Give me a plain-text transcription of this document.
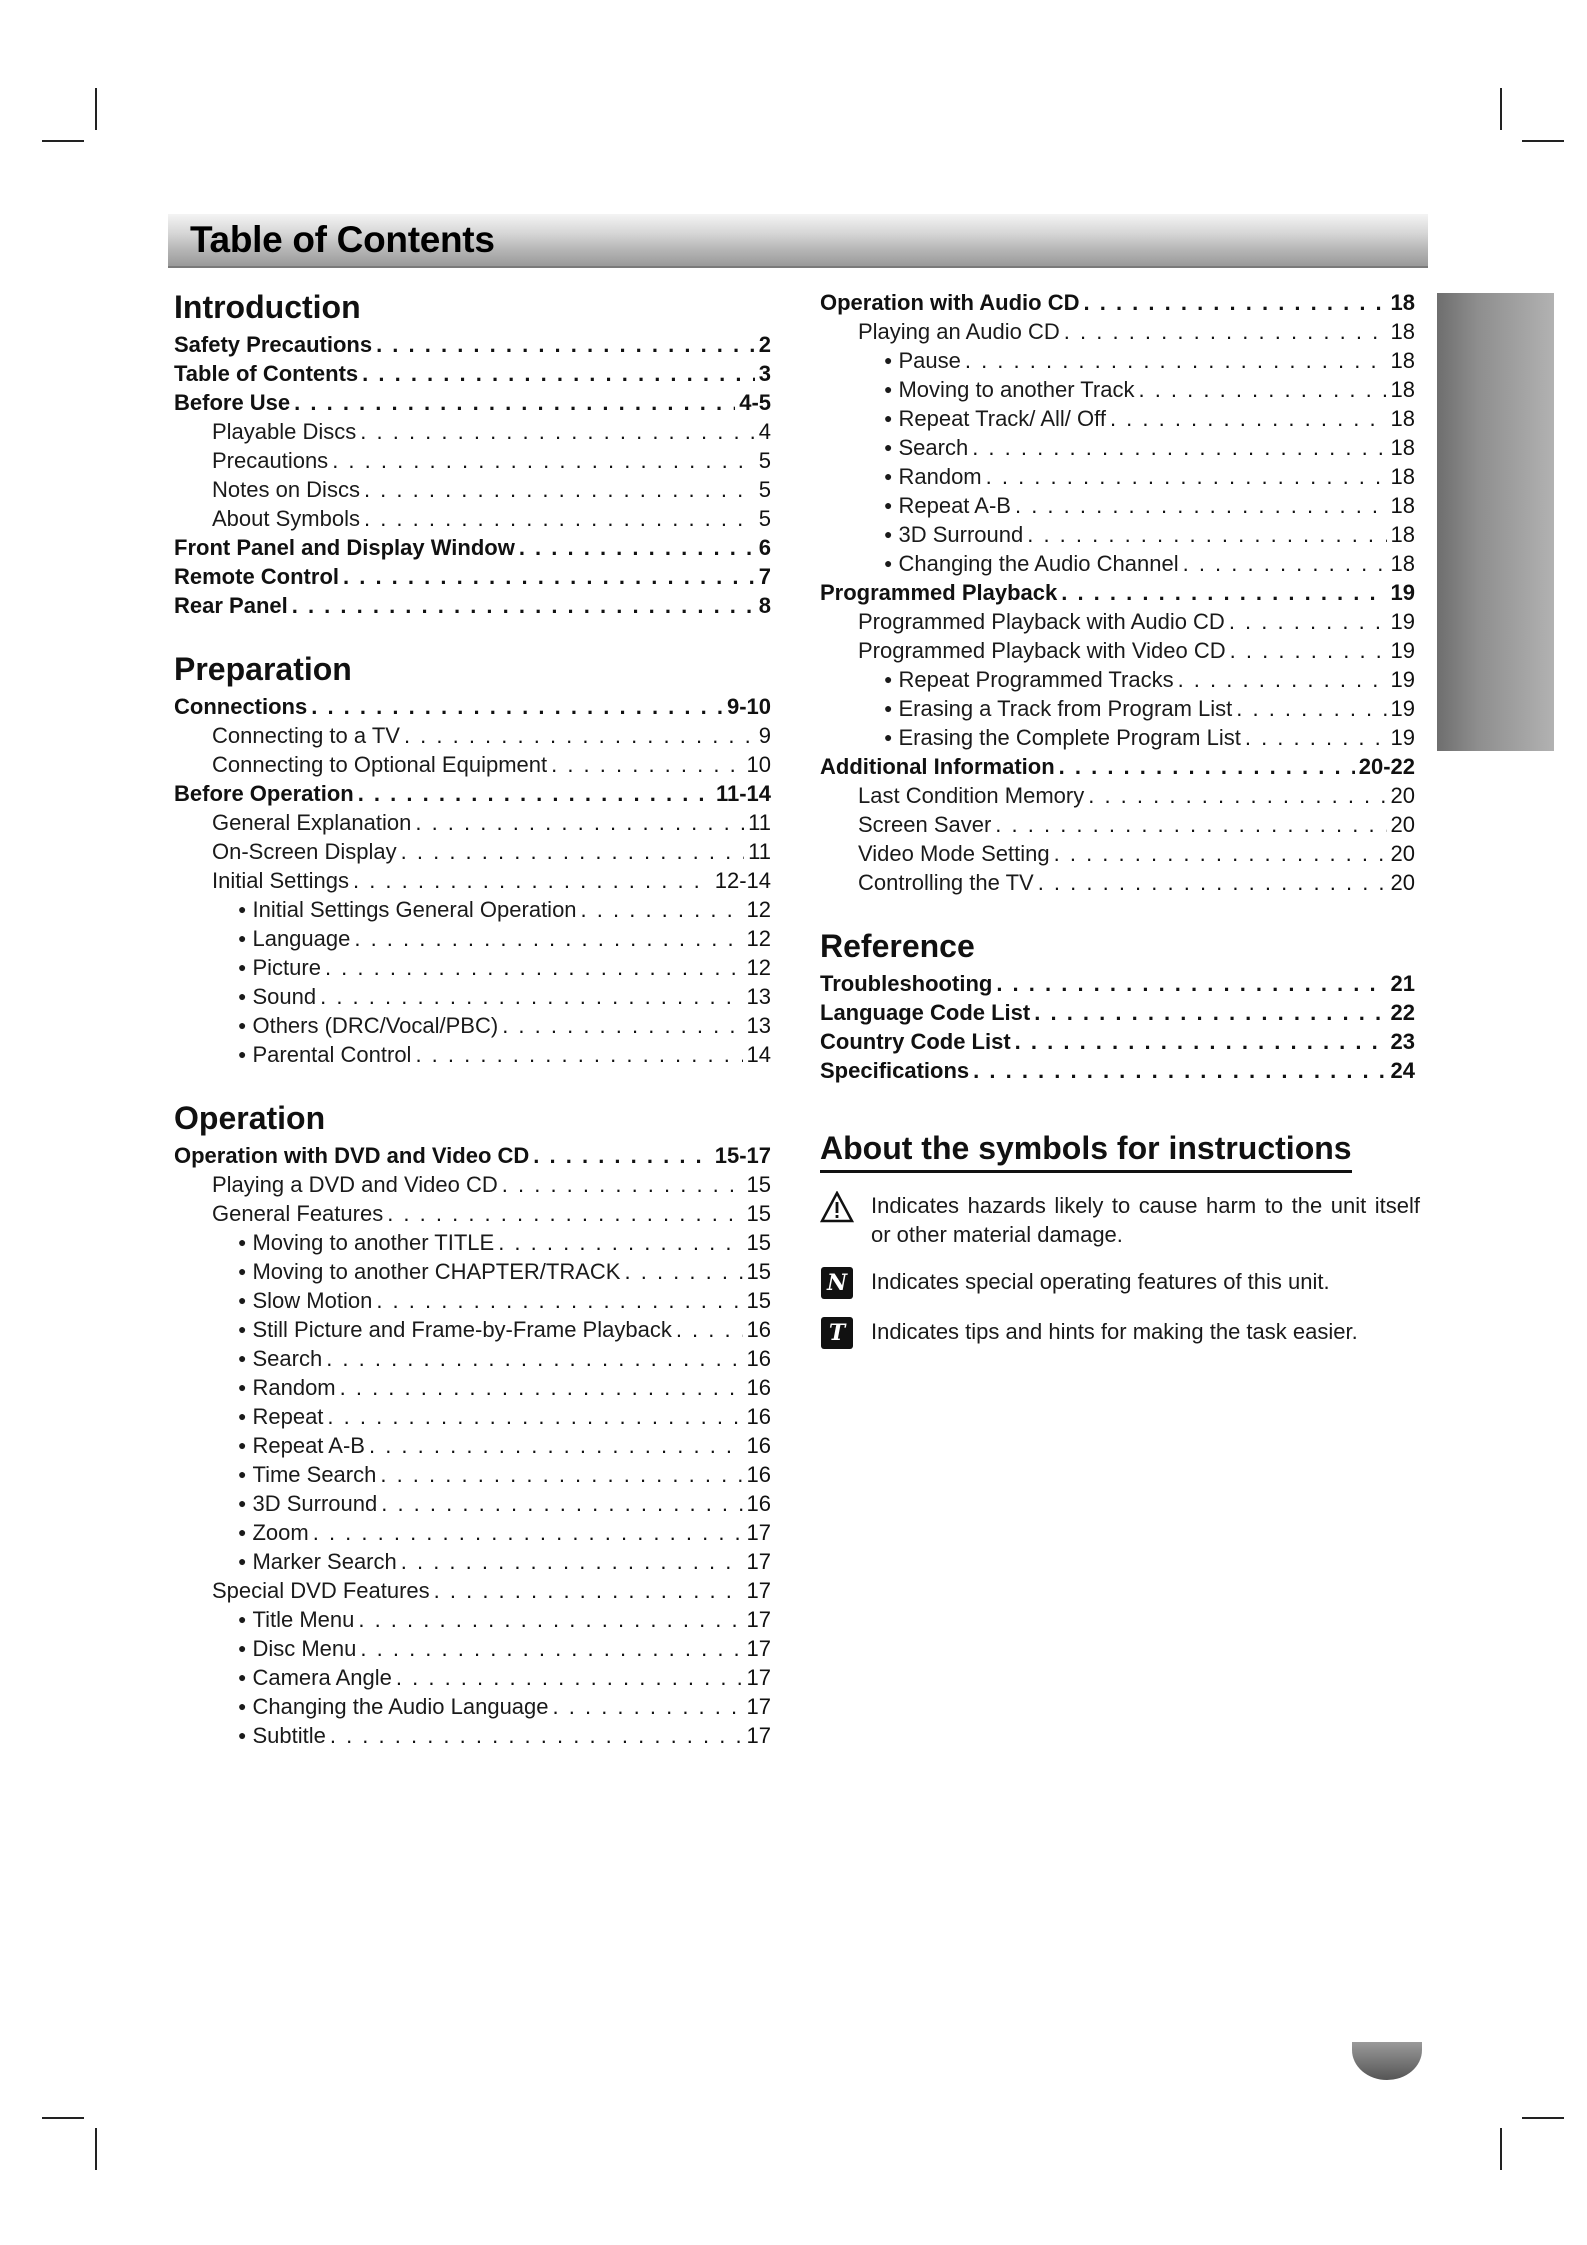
Table of Contents
Introduction
Safety Precautions . . .	2
Table of Contents . . .	3
Before Use . . .	4-5
Playable Discs . . .	4
Precautions . . .	5
Notes on Discs . . .	5
About Symbols . . .	5
Front Panel and Display Window . . .	6
Remote Control . . .	7
Rear Panel . . .	8
Preparation
Connections . . .	9-10
Connecting to a TV . . .	9
Connecting to Optional Equipment . . .	10
Before Operation . . .	11-14
General Explanation . . .	11
On-Screen Display . . .	11
Initial Settings . . .	12-14
● Initial Settings General Operation . . .	12
● Language . . .	12
● Picture . . .	12
● Sound . . .	13
● Others (DRC/Vocal/PBC) . . .	13
● Parental Control . . .	14
Operation
Operation with DVD and Video CD . . .	15-17
Playing a DVD and Video CD . . .	15
General Features . . .	15
● Moving to another TITLE . . .	15
● Moving to another CHAPTER/TRACK . . .	15
● Slow Motion . . .	15
● Still Picture and Frame-by-Frame Playback . . .	16
● Search . . .	16
● Random . . .	16
● Repeat . . .	16
● Repeat A-B . . .	16
● Time Search . . .	16
● 3D Surround . . .	16
● Zoom . . .	17
● Marker Search . . .	17
Special DVD Features . . .	17
● Title Menu . . .	17
● Disc Menu . . .	17
● Camera Angle . . .	17
● Changing the Audio Language . . .	17
● Subtitle . . .	17
Operation with Audio CD . . .	18
Playing an Audio CD . . .	18
● Pause . . .	18
● Moving to another Track . . .	18
● Repeat Track/ All/ Off . . .	18
● Search . . .	18
● Random . . .	18
● Repeat A-B . . .	18
● 3D Surround . . .	18
● Changing the Audio Channel . . .	18
Programmed Playback . . .	19
Programmed Playback with Audio CD . . .	19
Programmed Playback with Video CD . . .	19
● Repeat Programmed Tracks . . .	19
● Erasing a Track from Program List . . .	19
● Erasing the Complete Program List . . .	19
Additional Information . . .	20-22
Last Condition Memory . . .	20
Screen Saver . . .	20
Video Mode Setting . . .	20
Controlling the TV . . .	20
Reference
Troubleshooting . . .	21
Language Code List . . .	22
Country Code List . . .	23
Specifications . . .	24
About the symbols for instructions
Indicates hazards likely to cause harm to the unit itself or other material damage.
N Indicates special operating features of this unit.
T	Indicates tips and hints for making the task easier.
